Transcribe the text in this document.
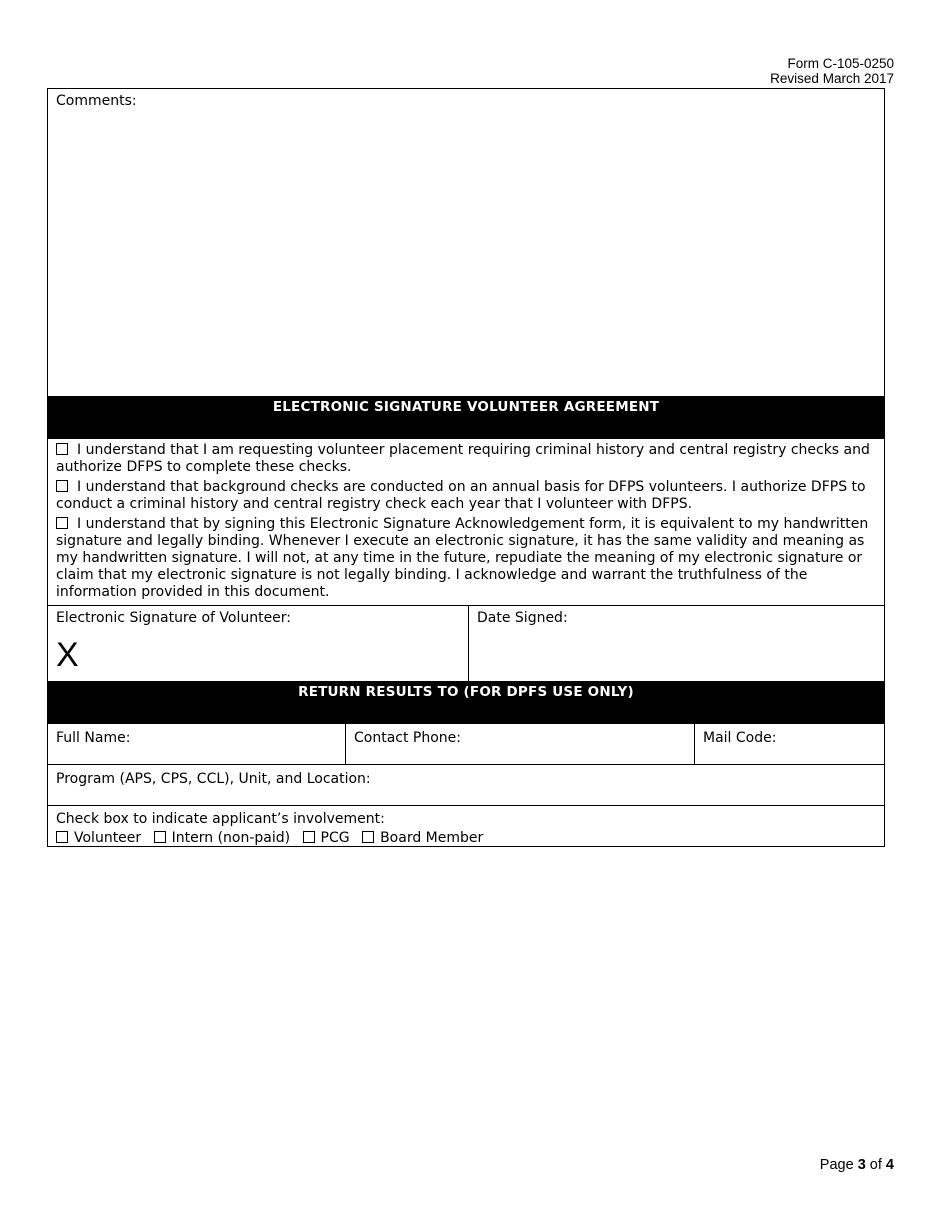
Form C-105-0250
Revised March 2017
Comments:
ELECTRONIC SIGNATURE VOLUNTEER AGREEMENT

I understand that I am requesting volunteer placement requiring criminal history and central registry checks and authorize DFPS to complete these checks.

I understand that background checks are conducted on an annual basis for DFPS volunteers. I authorize DFPS to conduct a criminal history and central registry check each year that I volunteer with DFPS.

I understand that by signing this Electronic Signature Acknowledgement form, it is equivalent to my handwritten signature and legally binding. Whenever I execute an electronic signature, it has the same validity and meaning as my handwritten signature. I will not, at any time in the future, repudiate the meaning of my electronic signature or claim that my electronic signature is not legally binding. I acknowledge and warrant the truthfulness of the information provided in this document.

Electronic Signature of Volunteer:
X
Date Signed:
RETURN RESULTS TO (FOR DPFS USE ONLY)
Full Name:	Contact Phone:	Mail Code:
Program (APS, CPS, CCL), Unit, and Location:
Check box to indicate applicant’s involvement:
Volunteer Intern (non-paid) PCG Board Member
Page 3 of 4
